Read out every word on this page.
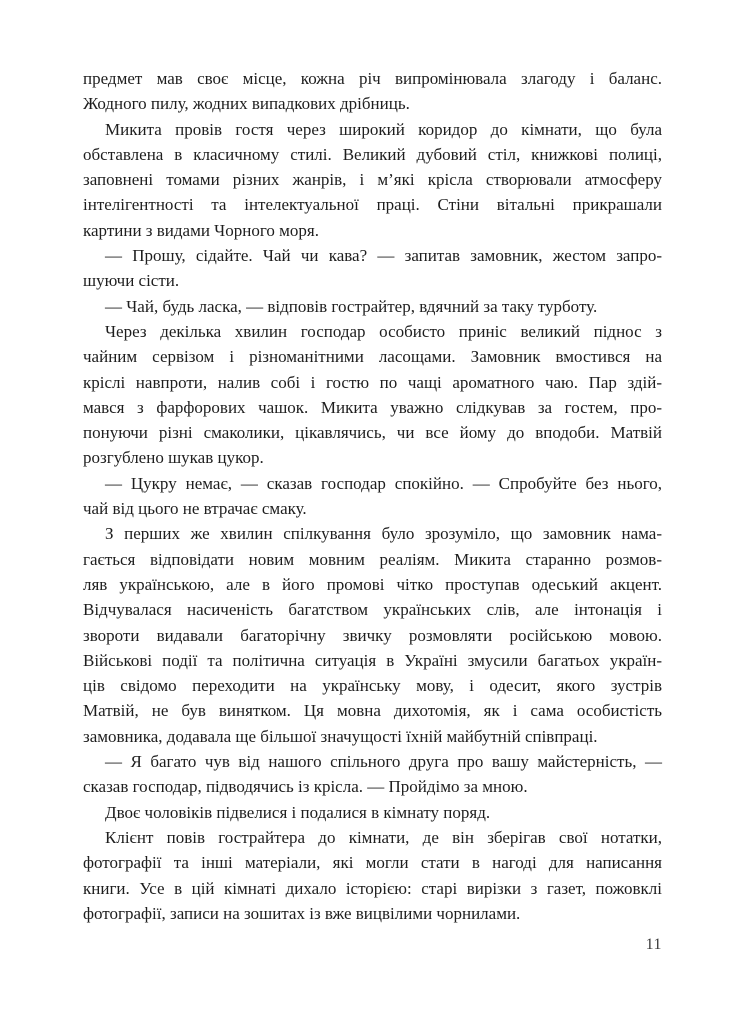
предмет мав своє місце, кожна річ випромінювала злагоду і баланс.
Жодного пилу, жодних випадкових дрібниць.

Микита провів гостя через широкий коридор до кімнати, що була
обставлена в класичному стилі. Великий дубовий стіл, книжкові полиці,
заповнені томами різних жанрів, і м’які крісла створювали атмосферу
інтелігентності та інтелектуальної праці. Стіни вітальні прикрашали
картини з видами Чорного моря.

— Прошу, сідайте. Чай чи кава? — запитав замовник, жестом запро-
шуючи сісти.

— Чай, будь ласка, — відповів гострайтер, вдячний за таку турботу.

Через декілька хвилин господар особисто приніс великий піднос з
чайним сервізом і різноманітними ласощами. Замовник вмостився на
кріслі навпроти, налив собі і гостю по чащі ароматного чаю. Пар здій-
мався з фарфорових чашок. Микита уважно слідкував за гостем, про-
понуючи різні смаколики, цікавлячись, чи все йому до вподоби. Матвій
розгублено шукав цукор.

— Цукру немає, — сказав господар спокійно. — Спробуйте без нього,
чай від цього не втрачає смаку.

З перших же хвилин спілкування було зрозуміло, що замовник нама-
гається відповідати новим мовним реаліям. Микита старанно розмов-
ляв українською, але в його промові чітко проступав одеський акцент.
Відчувалася насиченість багатством українських слів, але інтонація і
звороти видавали багаторічну звичку розмовляти російською мовою.
Військові події та політична ситуація в Україні змусили багатьох україн-
ців свідомо переходити на українську мову, і одесит, якого зустрів
Матвій, не був винятком. Ця мовна дихотомія, як і сама особистість
замовника, додавала ще більшої значущості їхній майбутній співпраці.

— Я багато чув від нашого спільного друга про вашу майстерність, —
сказав господар, підводячись із крісла. — Пройдімо за мною.

Двоє чоловіків підвелися і подалися в кімнату поряд.

Клієнт повів гострайтера до кімнати, де він зберігав свої нотатки,
фотографії та інші матеріали, які могли стати в нагоді для написання
книги. Усе в цій кімнаті дихало історією: старі вирізки з газет, пожовклі
фотографії, записи на зошитах із вже вицвілими чорнилами.

11
